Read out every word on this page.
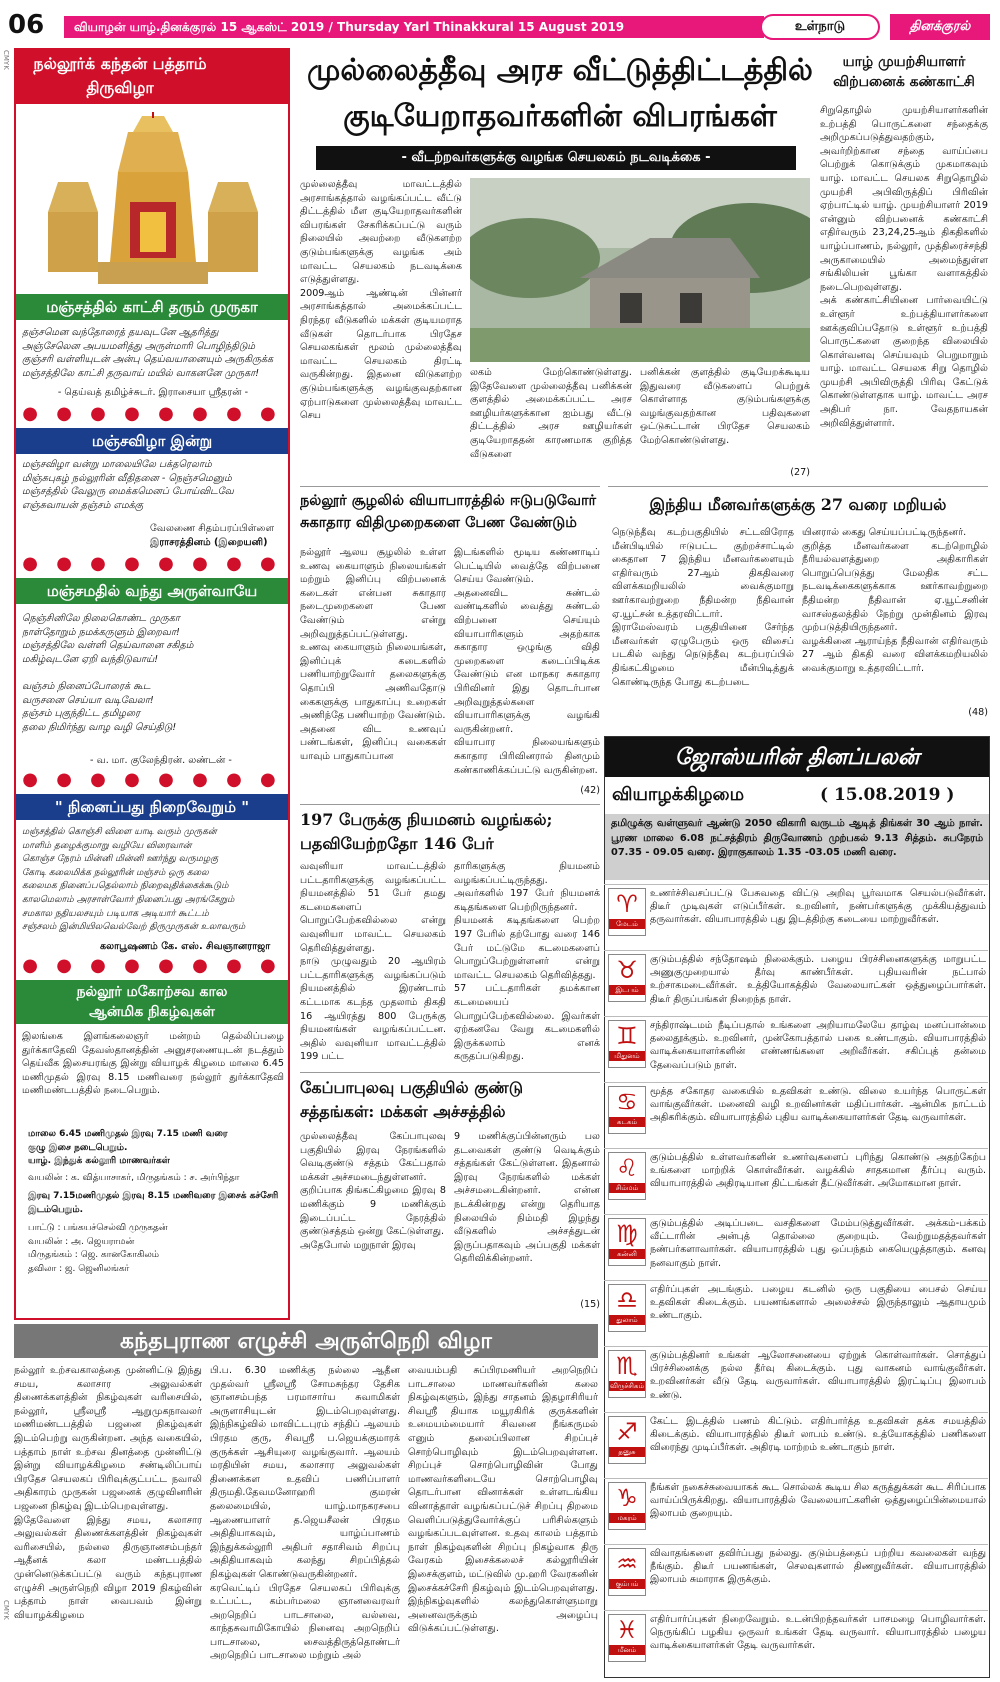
06	வியாழன் யாழ்.தினக்குரல் 15 ஆகஸ்ட் 2019 / Thursday Yarl Thinakkural 15 August 2019	உள்நாடு	தினக்குரல்
CMYK
CMYK
நல்லூர்க் கந்தன் பத்தாம் திருவிழா
மஞ்சத்தில் காட்சி தரும் முருகா
தஞ்சமென வந்தோரைத் தயவுடனே ஆதரித்து
அஞ்சேலென அபயமளித்து அருள்மாரி பொழிந்திடும்
குஞ்சரி வள்ளியுடன் அன்பு தெய்வயானையும் அருகிருக்க
மஞ்சத்திலே காட்சி தருவாய் மயில் வாகனனே முருகா!
- தெய்வத் தமிழ்ச்சுடர். இராசையா ஸ்ரீதரன் -
● ● ● ● ● ● ● ●
மஞ்சவிழா இன்று
மஞ்சவிழா வன்று மாலையிலே பக்தரெலாம்
மிஞ்சுபுகழ் நல்லூரின் வீதிதனை - நெஞ்சமெனும்
மஞ்சத்தில் வேலுரு மைக்கமெனப் போய்விடவே
எஞ்சுவாயன் தஞ்சம் எமக்கு
வேலணை சிதம்பரப்பிள்ளை
இராசரத்தினம் (இறையனி)
● ● ● ● ● ● ● ●
மஞ்சமதில் வந்து அருள்வாயே
நெஞ்சினிலே நிலைகொண்ட முருகா
நாள்தோறும் நமக்கருளும் இறைவா!
மஞ்சத்திலே வள்ளி தெய்வானை சகிதம்
மகிழ்வுடனே ஏறி வந்திடுவாய்!

வஞ்சம் நினைப்போரைக் கூட
வருசனை செய்யா வடிவேலா!
தஞ்சம் புகுந்திட்ட தமிழரை
தலை நிமிர்ந்து வாழ வழி செய்திடு!
- வ. மா. குலேந்திரன். லண்டன் -
● ● ● ● ● ● ● ●
" நினைப்பது நிறைவேறும் "
மஞ்சத்தில் கொஞ்சி விளை யாடி வரும் முருகன்
மாளிம் தழைக்குமாறு வழியே விரைவான்
கொஞ்ச நேரம் மின்னி மின்னி ஊர்ந்து வருமழகு
கோடி கலைமிக்க நல்லூரின் மஞ்சம் ஒரு கலை
கலைமக நினைப்பதெல்லாம் நிறைவுதிக்கைக்கூடும்
காலமெலாம் அரசாள்வோர் நினைப்பது அரங்கேறும்
சமகால நதியலசயும் படியாக அடியார் கூட்டம்
சஞ்சலம் இன்மியிலவெல்வேற் திருமுருகன் உலாவரும்
கலாபூஷணம் கே. எஸ். சிவஞானராஜா
● ● ● ● ● ● ● ●
நல்லூர் மகோற்சவ கால ஆன்மிக நிகழ்வுகள்
இலங்கை இளங்கலைஞர் மன்றம் தெல்லிப்பழை துர்க்காதேவி தேவஸ்தானத்தின் அனுசரணையுடன் நடத்தும் தெய்வீக இசையரங்கு இன்று வியாழக் கிழமை மாலை 6.45 மணிமுதல் இரவு 8.15 மணிவரை நல்லூர் துர்க்காதேவி மணிமண்டபத்தில் நடைபெறும்.
மாலை 6.45 மணிமுதல் இரவு 7.15 மணி வரை
குழு இசை நடைபெறும்.
யாழ். இந்துக் கல்லூரி மாணவர்கள்
வயலின் : க. வித்யாசாகர், மிருதங்கம் : ச. அர்பிந்தா
இரவு 7.15மணிமுதல் இரவு 8.15 மணிவரை இசைக் கச்சேரி இடம்பெறும்.
பாட்டு : பங்கயச்செல்வி முருகதன்
வயலின் : அ. ஜெயராமன்
மிருதங்கம் : ஜெ. கானகோகிலம்
தவிலா : ஜ. ஜெனிலங்கர்
முல்லைத்தீவு அரச வீட்டுத்திட்டத்தில்
குடியேறாதவர்களின் விபரங்கள்
- வீடற்றவர்களுக்கு வழங்க செயலகம் நடவடிக்கை -
முல்லைத்தீவு மாவட்டத்தில் அரசாங்கத்தால் வழங்கப்பட்ட வீட்டு திட்டத்தில் மீள குடியேறாதவர்களின் விபரங்கள் சேகரிக்கப்பட்டு வரும் நிலையில் அவற்றை வீடுகளற்ற குடும்பங்களுக்கு வழங்க அம் மாவட்ட செயலகம் நடவடிக்கை எடுத்துள்ளது.
2009ஆம் ஆண்டின் பின்னர் அரசாங்கத்தால் அமைக்கப்பட்ட நிரந்தர வீடுகளில் மக்கள் குடியமராத வீடுகள் தொடர்பாக பிரதேச செயலகங்கள் மூலம் முல்லைத்தீவு மாவட்ட செயலகம் திரட்டி வருகின்றது. இதனை விடுகளற்ற குடும்பங்களுக்கு வழங்குவதற்கான ஏற்பாடுகளை முல்லைத்தீவு மாவட்ட செய
லகம் மேற்கொண்டுள்ளது. இதேவேளை முல்லைத்தீவு பனிக்கன் குளத்தில் அமைக்கப்பட்ட அரச ஊழியர்களுக்கான ஐம்பது வீட்டு திட்டத்தில் அரச ஊழியர்கள் குடியேறாததன் காரணமாக குறித்த வீடுகளை
பனிக்கன் குளத்தில் குடியேறக்கூடிய இதுவரை வீடுகளைப் பெற்றுக் கொள்ளாத குடும்பங்களுக்கு வழங்குவதற்கான பதிவுகளை ஒட்டுசுட்டான் பிரதேச செயலகம் மேற்கொண்டுள்ளது.
(27)
யாழ் முயற்சியாளர் விற்பனைக் கண்காட்சி
சிறுதொழில் முயற்சியாளர்களின் உற்பத்தி பொருட்களை சந்தைக்கு அறிமுகப்படுத்துவதற்கும், அவர்றிற்கான சந்தை வாய்ப்பை பெற்றுக் கொடுக்கும் முகமாகவும் யாழ். மாவட்ட செயலக சிறுதொழில் முயற்சி அபிவிருத்திப் பிரிவின் ஏற்பாட்டில் யாழ். முயற்சியாளர் 2019 என்னும் விற்பனைக் கண்காட்சி எதிர்வரும் 23,24,25ஆம் திகதிகளில் யாழ்ப்பாணம், நல்லூர், முத்திரைச்சந்தி அருகாமையில் அமைந்துள்ள சங்கிலியன் பூங்கா வளாகத்தில் நடைபெறவுள்ளது.
அக் கண்காட்சியினை பார்வையிட்டு உள்ளூர் உற்பத்தியாளர்களை ஊக்குவிப்பதோடு உள்ளூர் உற்பத்தி பொருட்களை குறைந்த விலையில் கொள்வனவு செய்யவும் பெறுமாறும் யாழ். மாவட்ட செயலக சிறு தொழில் முயற்சி அபிவிருத்தி பிரிவு கேட்டுக் கொண்டுள்ளதாக யாழ். மாவட்ட அரச அதிபர் நா. வேதநாயகன் அறிவித்துள்ளார்.
நல்லூர் சூழலில் வியாபாரத்தில் ஈடுபடுவோர் சுகாதார விதிமுறைகளை பேண வேண்டும்
நல்லூர் ஆலய சூழலில் உள்ள உணவு கையாளும் நிலையங்கள் மற்றும் இனிப்பு விற்பனைக் கடைகள் என்பன சுகாதார நடைமுறைகளை பேண வேண்டும் என்று அறிவுறுத்தப்பட்டுள்ளது.
உணவு கையாளும் நிலையங்கள், இனிப்புக் கடைகளில் பணியாற்றுவோர் தலைகளுக்கு தொப்பி அணிவதோடு கைகளுக்கு பாதுகாப்பு உறைகள் அணிந்தே பணியாற்ற வேண்டும்.
அதனை விட உணவுப் பண்டங்கள், இனிப்பு வகைகள் யாவும் பாதுகாப்பான
இடங்களில் மூடிய கண்ணாடிப் பெட்டியில் வைத்தே விற்பனை செய்ய வேண்டும்.
அதனைவிட சுண்டல் வண்டிகளில் வைத்து சுண்டல் விற்பனை செய்யும் வியாபாரிகளும் அதற்காக சுகாதார ஒழுங்கு விதி முறைகளை கடைப்பிடிக்க வேண்டும் என மாநகர சுகாதார பிரிவினர் இது தொடர்பான அறிவுறுத்தல்களை வியாபாரிகளுக்கு வழங்கி வருகின்றனர்.
வியாபார நிலையங்களும் சுகாதார பிரிவினரால் தினமும் கண்காணிக்கப்பட்டு வருகின்றன.
(42)
197 பேருக்கு நியமனம் வழங்கல்;
பதவியேற்றதோ 146 பேர்
வவுனியா மாவட்டத்தில் பட்டதாரிகளுக்கு வழங்கப்பட்ட நியமனத்தில் 51 பேர் தமது கடமைகளைப் பொறுப்பேற்கவில்லை என்று வவுனியா மாவட்ட செயலகம் தெரிவித்துள்ளது.
நாடு முழுவதும் 20 ஆயிரம் பட்டதாரிகளுக்கு வழங்கப்படும் நியமனத்தில் இரண்டாம் கட்டமாக கடந்த முதலாம் திகதி 16 ஆயிரத்து 800 பேருக்கு நியமனங்கள் வழங்கப்பட்டன. அதில் வவுனியா மாவட்டத்தில் 199 பட்ட
தாரிகளுக்கு நியமனம் வழங்கப்பட்டிருந்தது. அவர்களில் 197 பேர் நியமனக் கடிதங்களை பெற்றிருந்தனர்.
நியமனக் கடிதங்களை பெற்ற 197 பேரில் தற்போது வரை 146 பேர் மட்டுமே கடமைகளைப் பொறுப்பேற்றுள்ளனர் என்று மாவட்ட செயலகம் தெரிவித்தது.
57 பட்டதாரிகள் தமக்கான கடமையைப் பொறுப்பேற்கவில்லை. இவர்கள் ஏற்கனவே வேறு கடமைகளில் இருக்கலாம் எனக் கருதப்படுகிறது.
கேப்பாபுலவு பகுதியில் குண்டு
சத்தங்கள்: மக்கள் அச்சத்தில்
முல்லைத்தீவு கேப்பாபுலவு பகுதியில் இரவு நேரங்களில் வெடிகுண்டு சத்தம் கேட்பதால் மக்கள் அச்சமடைந்துள்ளனர்.
குறிப்பாக திங்கட்கிழமை இரவு 8 மணிக்கும் 9 மணிக்கும் இடைப்பட்ட நேரத்தில் குண்டுசத்தம் ஒன்று கேட்டுள்ளது.
அதேபோல் மறுநாள் இரவு
9 மணிக்குப்பின்னரும் பல தடவைகள் குண்டு வெடிக்கும் சத்தங்கள் கேட்டுள்ளன. இதனால் இரவு நேரங்களில் மக்கள் அச்சமடைகின்றனர். என்ன நடக்கின்றது என்று தெரியாத நிலையில் நிம்மதி இழந்து வீடுகளில் அச்சத்துடன் இருப்பதாகவும் அப்பகுதி மக்கள் தெரிவிக்கின்றனர்.
(15)
இந்திய மீனவர்களுக்கு 27 வரை மறியல்
நெடுந்தீவு கடற்பகுதியில் சட்டவிரோத மீன்பிடியில் ஈடுபட்ட குற்றச்சாட்டில் கைதான 7 இந்திய மீனவர்களையும் எதிர்வரும் 27ஆம் திகதிவரை விளக்கமறியலில் வைக்குமாறு ஊர்காவற்றுறை நீதிமன்ற நீதிவான் ஏ.யூட்சன் உத்தரவிட்டார்.
இராமேஸ்வரம் பகுதியினை சேர்ந்த மீனவர்கள் ஏழுபேரும் ஒரு விசைப் படகில் வந்து நெடுந்தீவு கடற்பரப்பில் திங்கட்கிழமை மீன்பிடித்துக் கொண்டிருந்த போது கடற்படை
யினரால் கைது செய்யப்பட்டிருந்தனர்.
குறித்த மீனவர்களை கடற்றொழில் நீரியல்வளத்துறை அதிகாரிகள் பொறுப்பெடுத்து மேலதிக சட்ட நடவடிக்கைகளுக்காக ஊர்காவற்றுறை நீதிமன்ற நீதிவான் ஏ.யூட்சனின் வாசஸ்தலத்தில் நேற்று முன்தினம் இரவு முற்படுத்தியிருந்தனர்.
வழக்கினை ஆராய்ந்த நீதிவான் எதிர்வரும் 27 ஆம் திகதி வரை விளக்கமறியலில் வைக்குமாறு உத்தரவிட்டார்.
(48)
ஜோஸ்யரின் தினப்பலன்
வியாழக்கிழமை	( 15.08.2019 )
தமிழுக்கு வள்ளுவர் ஆண்டு 2050 விகாரி வருடம் ஆடித் திங்கள் 30 ஆம் நாள். பூரண மாலை 6.08 நட்சத்திரம் திருவோணம் முற்பகல் 9.13 சித்தம். சுபநேரம் 07.35 - 09.05 வரை. இராகுகாலம் 1.35 -03.05 மணி வரை.
♈
மேடம்
உணர்ச்சிவசப்பட்டு பேசுவதை விட்டு அறிவு பூர்வமாக செயல்படுவீர்கள். திடீர் முடிவுகள் எடுப்பீர்கள். உறவினர், நண்பர்களுக்கு முக்கியத்துவம் தருவார்கள். வியாபாரத்தில் புது இடத்திற்கு கடையை மாற்றுவீர்கள்.
♉
இடபம்
குடும்பத்தில் சந்தோஷம் நிலைக்கும். பழைய பிரச்சினைகளுக்கு மாறுபட்ட அணுகுமுறையால் தீர்வு காண்பீர்கள். புதியவரின் நட்பால் உற்சாகமடைவீர்கள். உத்தியோகத்தில் வேலையாட்கள் ஒத்துழைப்பார்கள். திடீர் திருப்பங்கள் நிறைந்த நாள்.
♊
மிதுனம்
சந்திராஷ்டமம் நீடிப்பதால் உங்களை அறியாமலேயே தாழ்வு மனப்பான்மை தலைதூக்கும். உறவினர், முன்கோபத்தால் பகை உண்டாகும். வியாபாரத்தில் வாடிக்கையாளர்களின் எண்ணங்களை அறிவீர்கள். சகிப்புத் தன்மை தேவைப்படும் நாள்.
♋
கடகம்
மூத்த சகோதர வகையில் உதவிகள் உண்டு. விலை உயர்ந்த பொருட்கள் வாங்குவீர்கள். மனைவி வழி உறவினர்கள் மதிப்பார்கள். ஆன்மிக நாட்டம் அதிகரிக்கும். வியாபாரத்தில் புதிய வாடிக்கையாளர்கள் தேடி வருவார்கள்.
♌
சிம்மம்
குடும்பத்தில் உள்ளவர்களின் உணர்வுகளைப் புரிந்து கொண்டு அதற்கேற்ப உங்களை மாற்றிக் கொள்வீர்கள். வழக்கில் சாதகமான தீர்ப்பு வரும். வியாபாரத்தில் அதிரடியான திட்டங்கள் தீட்டுவீர்கள். அமோகமான நாள்.
♍
கன்னி
குடும்பத்தில் அடிப்படை வசதிகளை மேம்படுத்துவீர்கள். அக்கம்-பக்கம் வீட்டாரின் அன்புத் தொல்லை குறையும். வேற்றுமதத்தவர்கள் நண்பர்களாவார்கள். வியாபாரத்தில் புது ஒப்பந்தம் கையெழுத்தாகும். கனவு நனவாகும் நாள்.
♎
துலாம்
எதிர்ப்புகள் அடங்கும். பழைய கடனில் ஒரு பகுதியை பைசல் செய்ய உதவிகள் கிடைக்கும். பயணங்களால் அலைச்சல் இருந்தாலும் ஆதாயமும் உண்டாகும்.
♏
விருச்சிகம்
குடும்பத்தினர் உங்கள் ஆலோசனையை ஏற்றுக் கொள்வார்கள். சொத்துப் பிரச்சினைக்கு நல்ல தீர்வு கிடைக்கும். புது வாகனம் வாங்குவீர்கள். உறவினர்கள் வீடு தேடி வருவார்கள். வியாபாரத்தில் இரட்டிப்பு இலாபம் உண்டு.
♐
தனுசு
கேட்ட இடத்தில் பணம் கிட்டும். எதிர்பார்த்த உதவிகள் தக்க சமயத்தில் கிடைக்கும். வியாபாரத்தில் திடீர் லாபம் உண்டு. உத்யோகத்தில் பணிகளை விரைந்து முடிப்பீர்கள். அதிரடி மாற்றம் உண்டாகும் நாள்.
♑
மகரம்
நீங்கள் நகைச்சுவையாகக் கூட சொல்லக் கூடிய சில கருத்துக்கள் கூட சிரிப்பாக வாய்ப்பிருக்கிறது. வியாபாரத்தில் வேலையாட்களின் ஒத்துழைப்பின்மையால் இலாபம் குறையும்.
♒
கும்பம்
விவாதங்களை தவிர்ப்பது நல்லது. குடும்பத்தைப் பற்றிய கவலைகள் வந்து நீங்கும். திடீர் பயணங்கள், செலவுகளால் திணறுவீர்கள். வியாபாரத்தில் இலாபம் சுமாராக இருக்கும்.
♓
மீனம்
எதிர்பார்ப்புகள் நிறைவேறும். உடன்பிறந்தவர்கள் பாசமழை பொழிவார்கள். நெருங்கிப் பழகிய ஒருவர் உங்கள் தேடி வருவார். வியாபாரத்தில் பழைய வாடிக்கையாளர்கள் தேடி வருவார்கள்.
கந்தபுராண எழுச்சி அருள்நெறி விழா
நல்லூர் உற்சவகாலத்தை முன்னிட்டு இந்து சமய, கலாசார அலுவல்கள் திணைக்களத்தின் நிகழ்வுகள் வரிசையில், நல்லூர், ஸ்ரீலஸ்ரீ ஆறுமுகநாவலர் மணிமண்டபத்தில் பஜனை நிகழ்வுகள் இடம்பெற்று வருகின்றன. அந்த வகையில், பத்தாம் நாள் உற்சவ தினத்தை முன்னிட்டு இன்று வியாழக்கிழமை சண்டிலிப்பாய் பிரதேச செயலகப் பிரிவுக்குட்பட்ட நவாலி அதிகாரம் முருகன் பஜனைக் குழுவினரின் பஜனை நிகழ்வு இடம்பெறவுள்ளது.
இதேவேளை இந்து சமய, கலாசார அலுவல்கள் திணைக்களத்தின் நிகழ்வுகள் வரிசையில், நல்லை திருஞானசம்பந்தர் ஆதீனக் கலா மண்டபத்தில் முன்னெடுக்கப்பட்டு வரும் கந்தபுராண எழுச்சி அருள்நெறி விழா 2019 நிகழ்வின் பத்தாம் நாள் வைபவம் இன்று வியாழக்கிழமை
பி.ப. 6.30 மணிக்கு நல்லை ஆதீன முதல்வர் ஸ்ரீலஸ்ரீ சோமசுந்தர தேசிக ஞானசம்பந்த பரமாசார்ய சுவாமிகள் அருளாசியுடன் இடம்பெறவுள்ளது. இந்நிகழ்வில் மாவிட்டபுரம் சந்திப் ஆலயம் பிரதம குரு, சிவஸ்ரீ ப.ஜெயக்குமாரக் குருக்கள் ஆசியுரை வழங்குவார். ஆலயம் மரதியின் சமய, கலாசார அலுவல்கள் திணைக்கள உதவிப் பணிப்பாளர் திருமதி.தேவமனோஹரி குமரன் தலைமையில், யாழ்.மாநகரசபை ஆணையாளர் த.ஜெயசீலன் பிரதம அதிதியாகவும், யாழ்ப்பாணம் இந்துக்கல்லூரி அதிபர் சதாசிவம் சிறப்பு அதிதியாகவும் கலந்து சிறப்பித்தல் நிகழ்வுகள் கொண்டுவருகின்றனர்.
கரவெட்டிப் பிரதேச செயலகப் பிரிவுக்கு உட்பட்ட, கம்பர்மலை ஞானவைரவர் அறநெறிப் பாடசாலை, வல்வை, காந்தசுவாமிகோயில் நினைவு அறநெறிப் பாடசாலை, சைவத்திருத்தொண்டர் அறநெறிப் பாடசாலை மற்றும் அல்
வையம்பதி சுப்பிரமணியர் அறநெறிப் பாடசாலை மாணவர்களின் கலை நிகழ்வுகளும், இந்து சாதனம் இதழாசிரியர் சிவஸ்ரீ தியாக மயூரகிரிக் குருக்களின் உமையம்மையார் சிவனை நீங்கருமல் எனும் தலைப்பிலான சிறப்புச் சொற்பொழிவும் இடம்பெறவுள்ளன. சிறப்புச் சொற்பொழிவின் போது மாணவர்களிடையே சொற்பொழிவு தொடர்பான வினாக்கள் உள்ளடங்கிய வினாத்தாள் வழங்கப்பட்டுச் சிறப்பு திறமை வெளிப்படுத்துவோர்க்குப் பரிசில்களும் வழங்கப்படவுள்ளன. உதவு காலம் பத்தாம் நாள் நிகழ்வுகளின் சிறப்பு நிகழ்வாக திரு வேரகம் இசைக்கலைச் கல்லூரியின் இசைக்குளம், மட்டுவில் மு.ஹரி வேரகனின் இசைக்கச்சேரி நிகழ்வும் இடம்பெறவுள்ளது. இந்நிகழ்வுகளில் கலந்துகொள்ளுமாறு அனைவருக்கும் அழைப்பு விடுக்கப்பட்டுள்ளது.
